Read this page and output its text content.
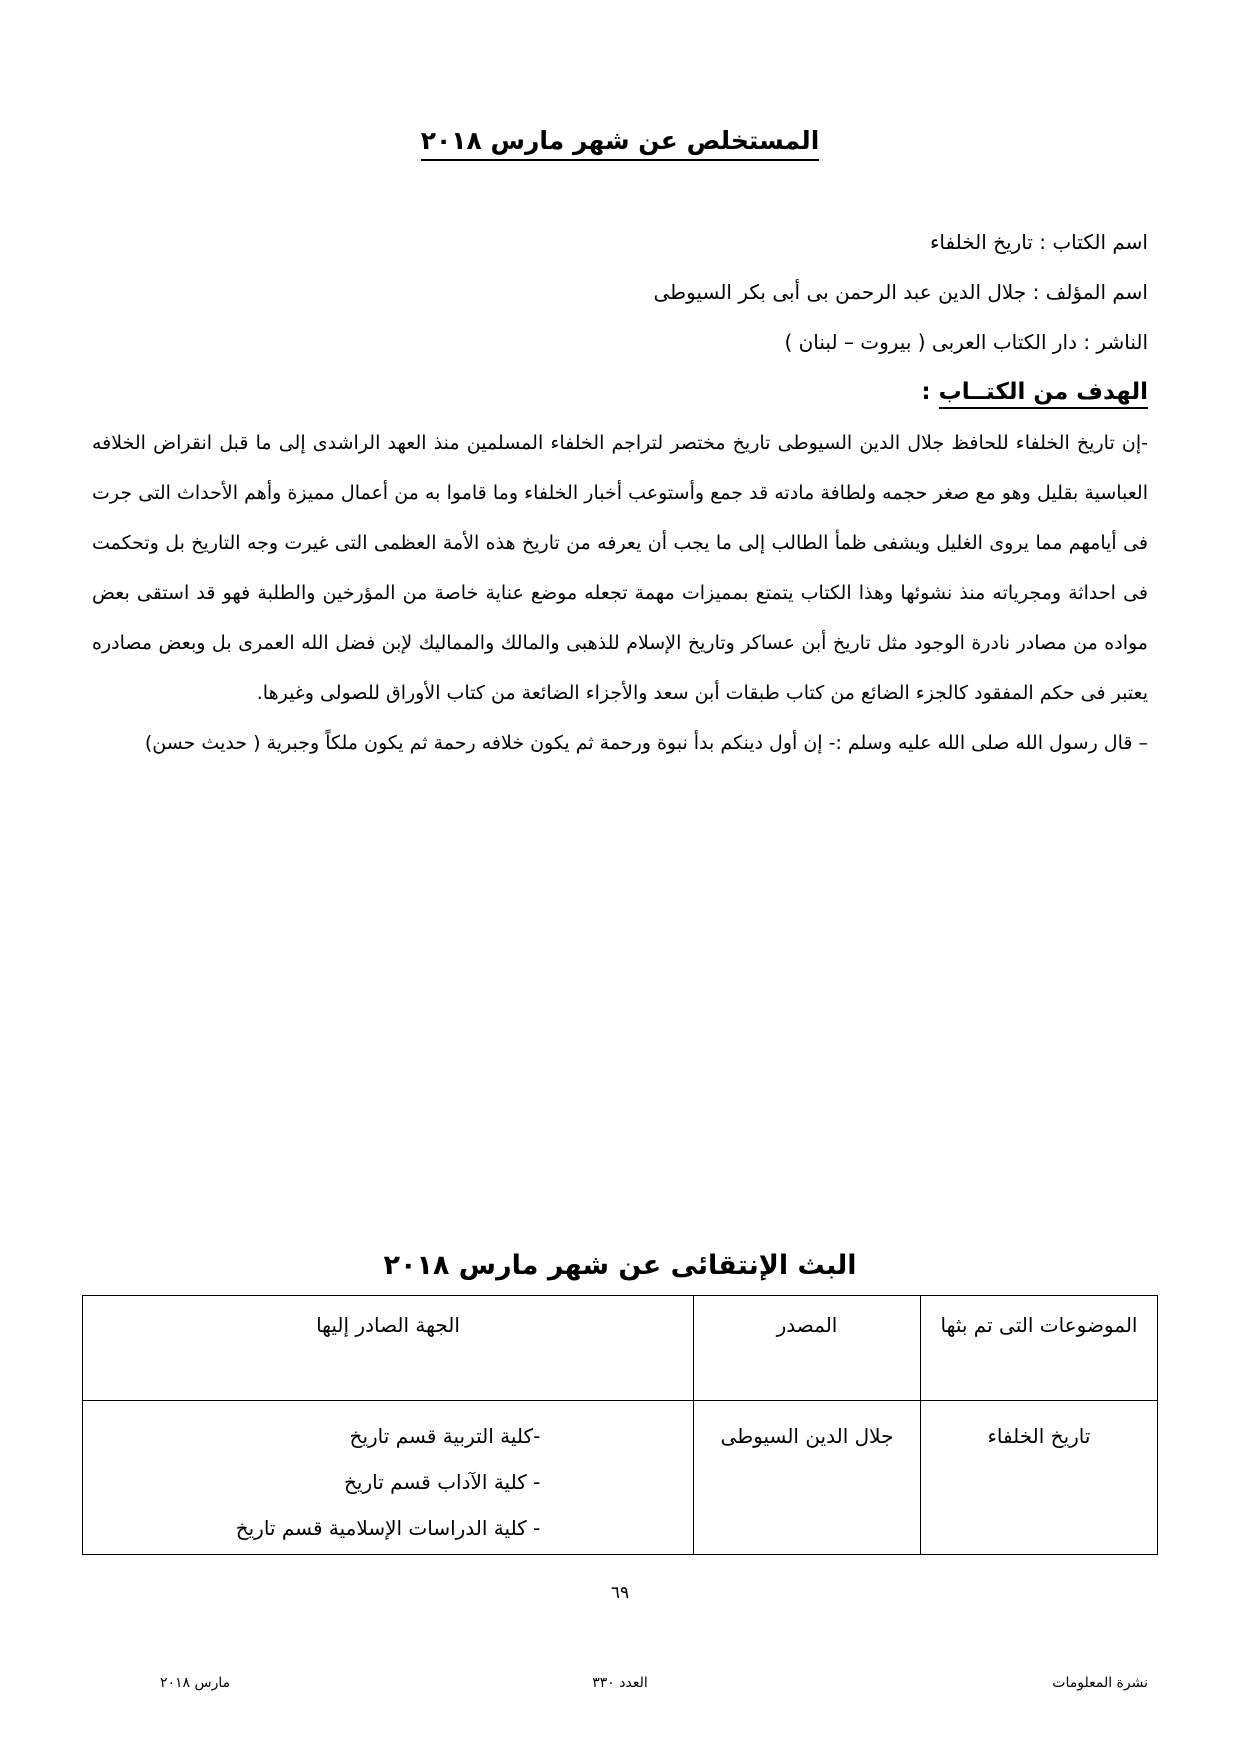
المستخلص عن شهر مارس ٢٠١٨
اسم الكتاب : تاريخ الخلفاء
اسم المؤلف : جلال الدين عبد الرحمن بى أبى بكر السيوطى
الناشر : دار الكتاب العربى ( بيروت – لبنان )
الهدف من الكتــاب :

-إن تاريخ الخلفاء للحافظ جلال الدين السيوطى تاريخ مختصر لتراجم الخلفاء المسلمين منذ العهد الراشدى إلى ما قبل انقراض الخلافه العباسية بقليل وهو مع صغر حجمه ولطافة مادته قد جمع وأستوعب أخبار الخلفاء وما قاموا به من أعمال مميزة وأهم الأحداث التى جرت فى أيامهم مما يروى الغليل ويشفى ظمأ الطالب إلى ما يجب أن يعرفه من تاريخ هذه الأمة العظمى التى غيرت وجه التاريخ بل وتحكمت فى احداثة ومجرياته منذ نشوئها وهذا الكتاب يتمتع بمميزات مهمة تجعله موضع عناية خاصة من المؤرخين والطلبة فهو قد استقى بعض مواده من مصادر نادرة الوجود مثل تاريخ أبن عساكر وتاريخ الإسلام للذهبى والمالك والمماليك لإبن فضل الله العمرى بل وبعض مصادره يعتبر فى حكم المفقود كالجزء الضائع من كتاب طبقات أبن سعد والأجزاء الضائعة من كتاب الأوراق للصولى وغيرها.

– قال رسول الله صلى الله عليه وسلم :- إن أول دينكم بدأ نبوة ورحمة ثم يكون خلافه رحمة ثم يكون ملكاً وجبرية ( حديث حسن)

البث الإنتقائى عن شهر مارس ٢٠١٨
الموضوعات التى تم بثها	المصدر	الجهة الصادر إليها
تاريخ الخلفاء	جلال الدين السيوطى	-كلية التربية قسم تاريخ
- كلية الآداب قسم تاريخ
- كلية الدراسات الإسلامية قسم تاريخ
٦٩
نشرة المعلومات
العدد ٣٣٠
مارس ٢٠١٨
